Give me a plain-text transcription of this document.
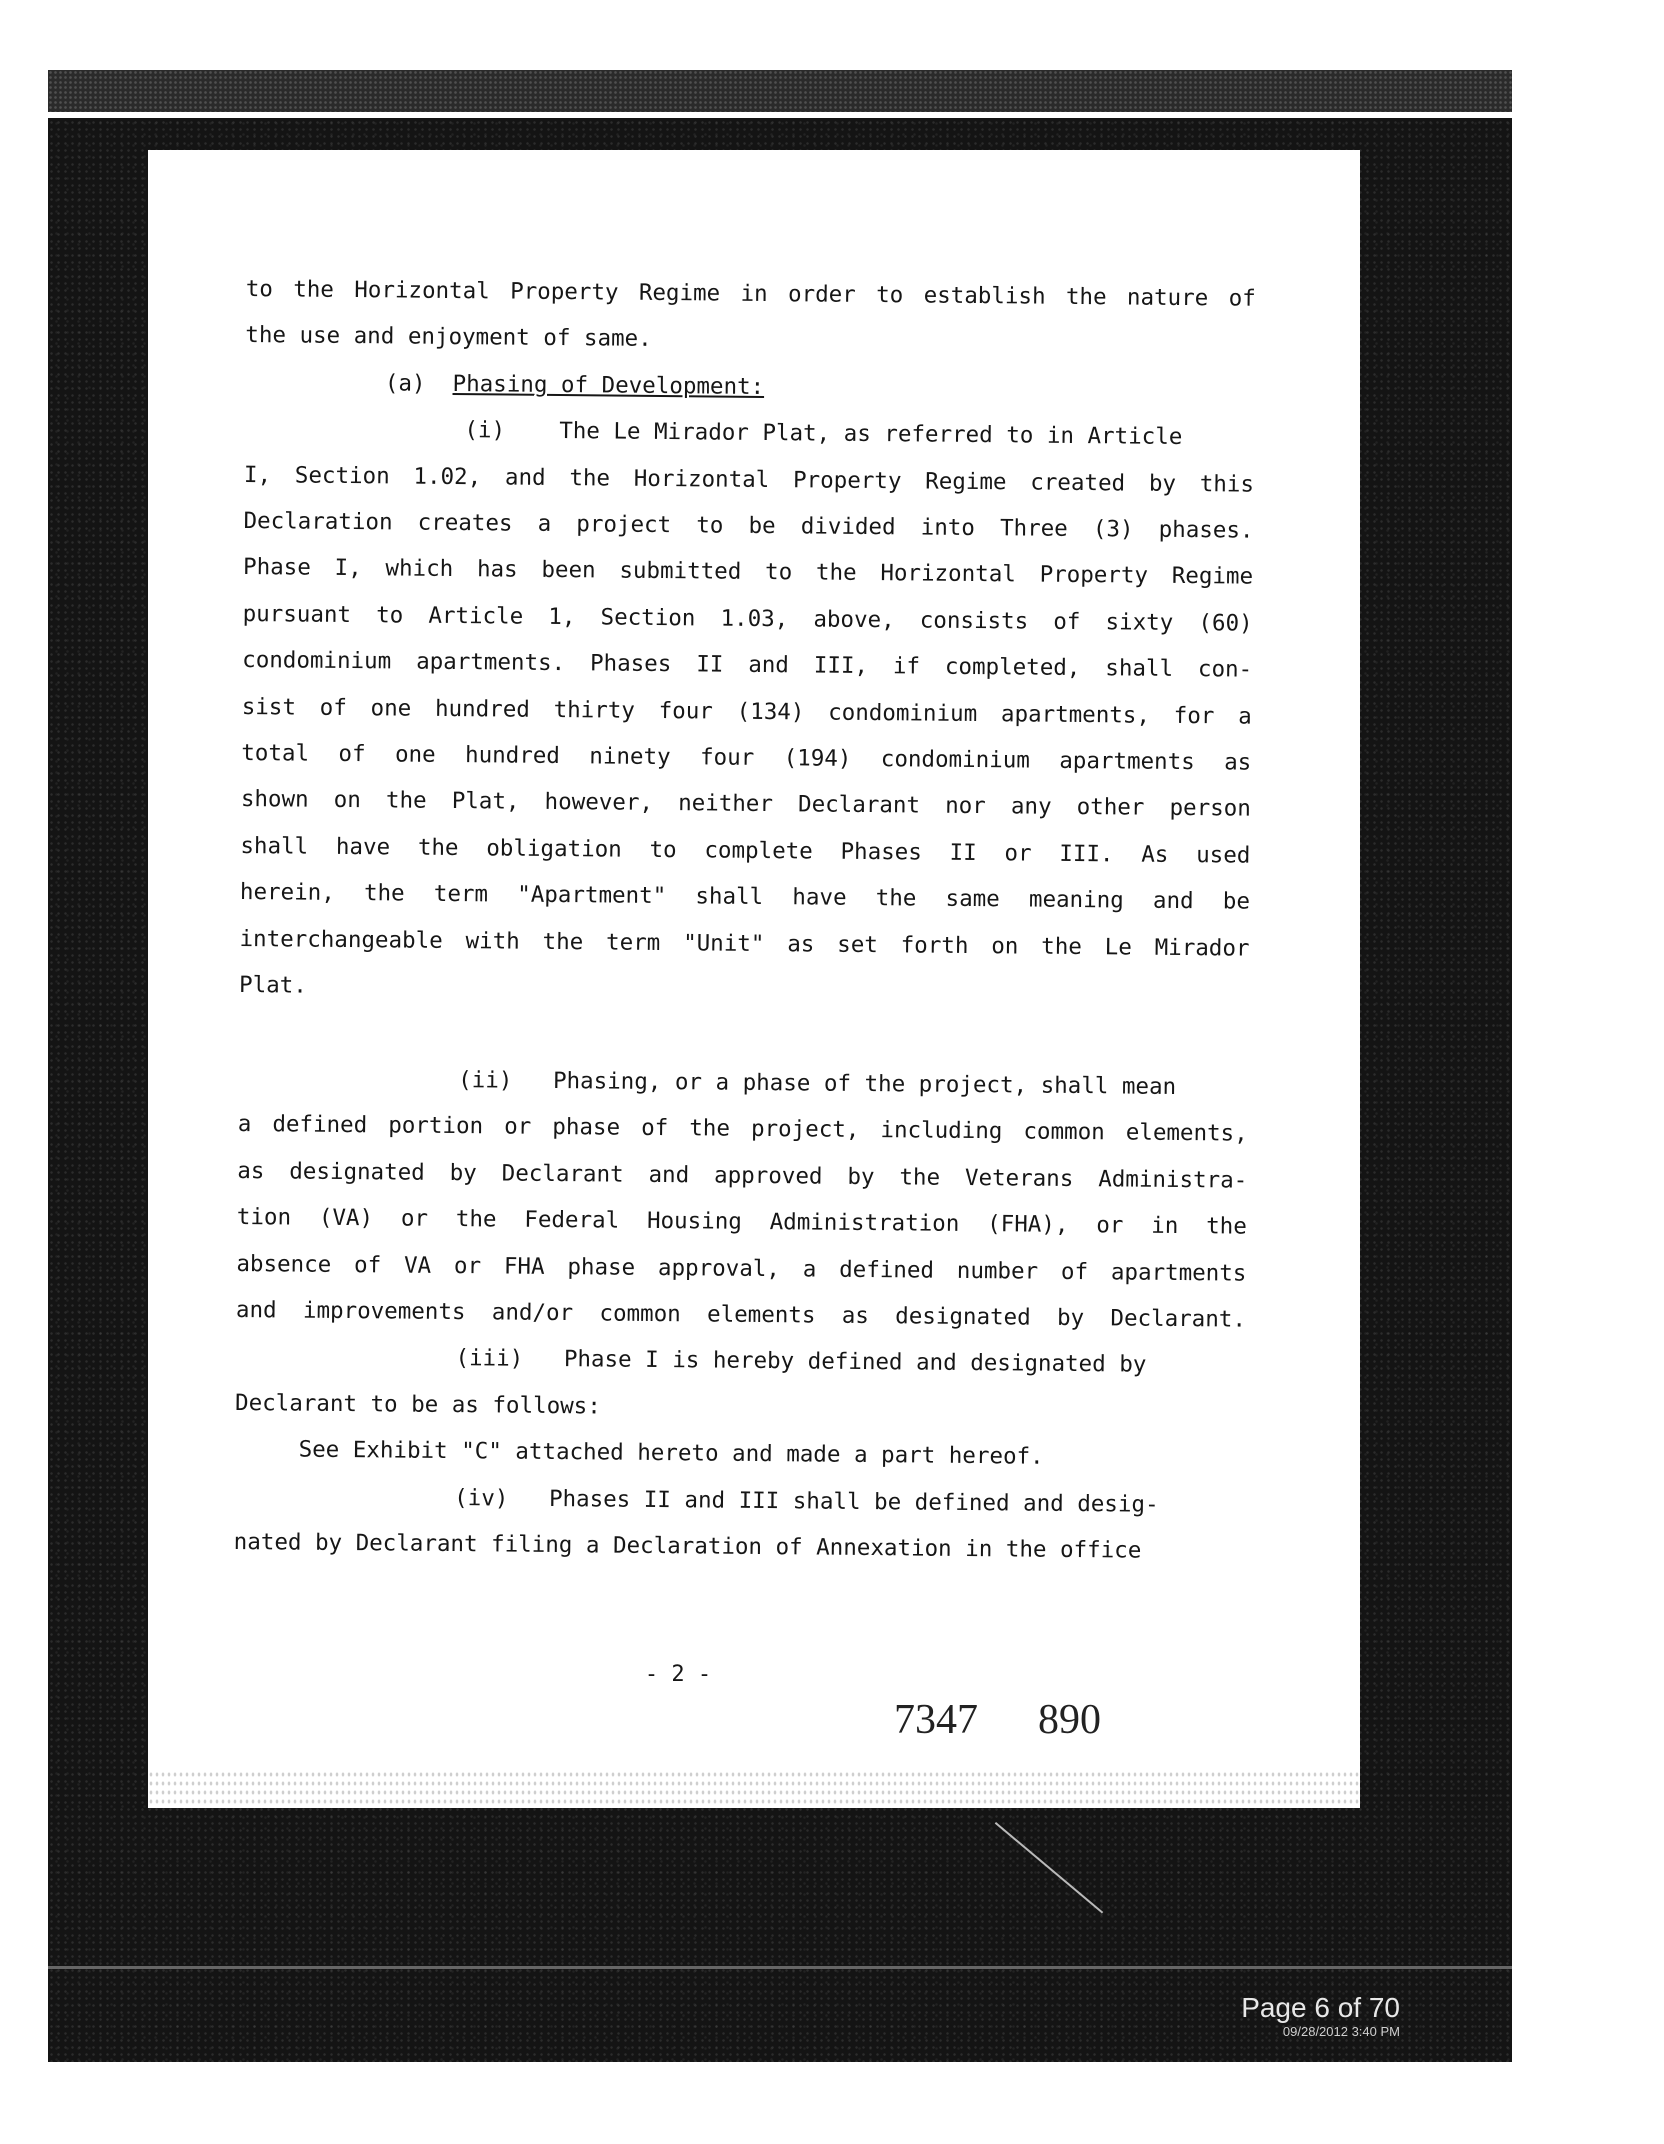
to the Horizontal Property Regime in order to establish the nature of
the use and enjoyment of same.
(a) Phasing of Development:
(i) The Le Mirador Plat, as referred to in Article
I, Section 1.02, and the Horizontal Property Regime created by this
Declaration creates a project to be divided into Three (3) phases.
Phase I, which has been submitted to the Horizontal Property Regime
pursuant to Article 1, Section 1.03, above, consists of sixty (60)
condominium apartments. Phases II and III, if completed, shall con-
sist of one hundred thirty four (134) condominium apartments, for a
total of one hundred ninety four (194) condominium apartments as
shown on the Plat, however, neither Declarant nor any other person
shall have the obligation to complete Phases II or III. As used
herein, the term "Apartment" shall have the same meaning and be
interchangeable with the term "Unit" as set forth on the Le Mirador
Plat.

(ii) Phasing, or a phase of the project, shall mean
a defined portion or phase of the project, including common elements,
as designated by Declarant and approved by the Veterans Administra-
tion (VA) or the Federal Housing Administration (FHA), or in the
absence of VA or FHA phase approval, a defined number of apartments
and improvements and/or common elements as designated by Declarant.
(iii) Phase I is hereby defined and designated by
Declarant to be as follows:
See Exhibit "C" attached hereto and made a part hereof.
(iv) Phases II and III shall be defined and desig-
nated by Declarant filing a Declaration of Annexation in the office
- 2 -
7347 890
Page 6 of 70
09/28/2012 3:40 PM
